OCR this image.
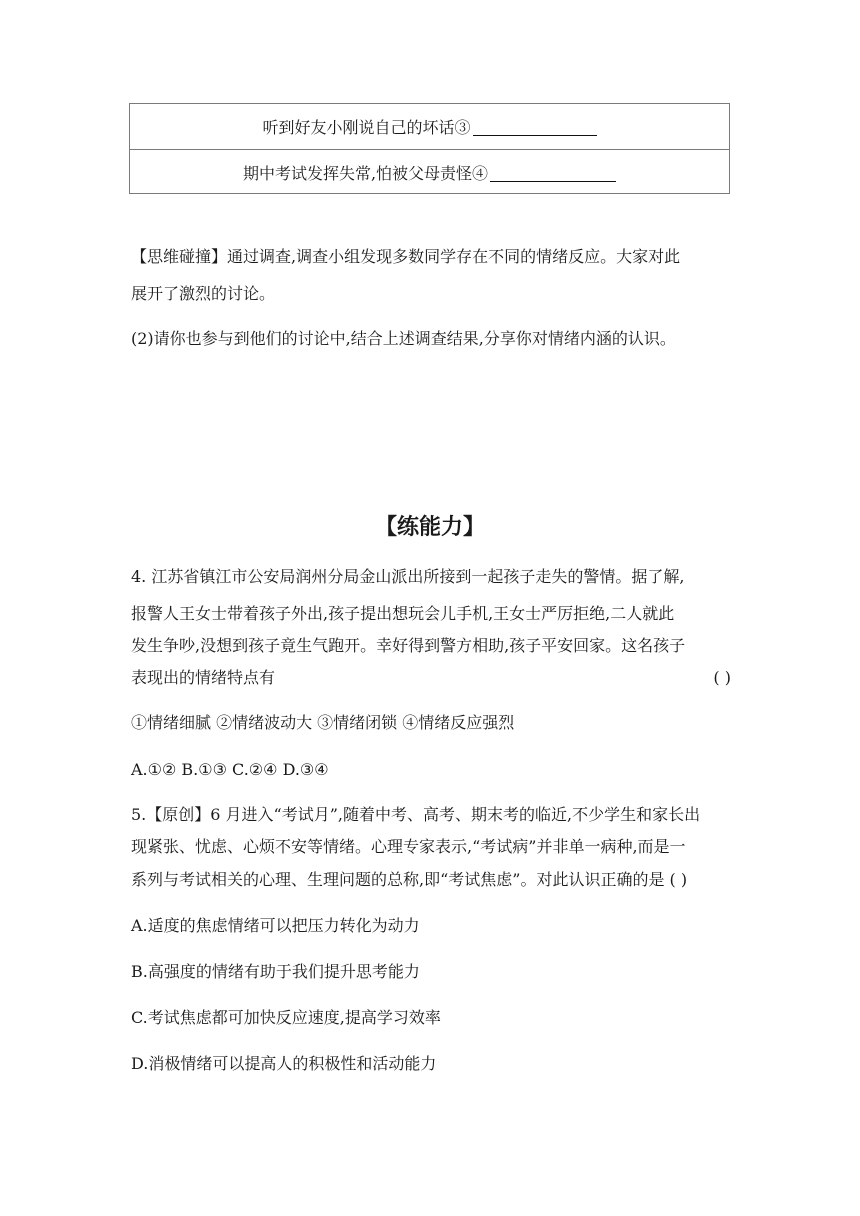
听到好友小刚说自己的坏话③
期中考试发挥失常,怕被父母责怪④
【思维碰撞】通过调查,调查小组发现多数同学存在不同的情绪反应。大家对此
展开了激烈的讨论。
(2)请你也参与到他们的讨论中,结合上述调查结果,分享你对情绪内涵的认识。
【练能力】
4. 江苏省镇江市公安局润州分局金山派出所接到一起孩子走失的警情。据了解,
报警人王女士带着孩子外出,孩子提出想玩会儿手机,王女士严厉拒绝,二人就此
发生争吵,没想到孩子竟生气跑开。幸好得到警方相助,孩子平安回家。这名孩子
表现出的情绪特点有	( )
①情绪细腻 ②情绪波动大 ③情绪闭锁 ④情绪反应强烈
A.①② B.①③ C.②④ D.③④
5.【原创】6 月进入“考试月”,随着中考、高考、期末考的临近,不少学生和家长出
现紧张、忧虑、心烦不安等情绪。心理专家表示,“考试病”并非单一病种,而是一
系列与考试相关的心理、生理问题的总称,即“考试焦虑”。对此认识正确的是 ( )
A.适度的焦虑情绪可以把压力转化为动力
B.高强度的情绪有助于我们提升思考能力
C.考试焦虑都可加快反应速度,提高学习效率
D.消极情绪可以提高人的积极性和活动能力
